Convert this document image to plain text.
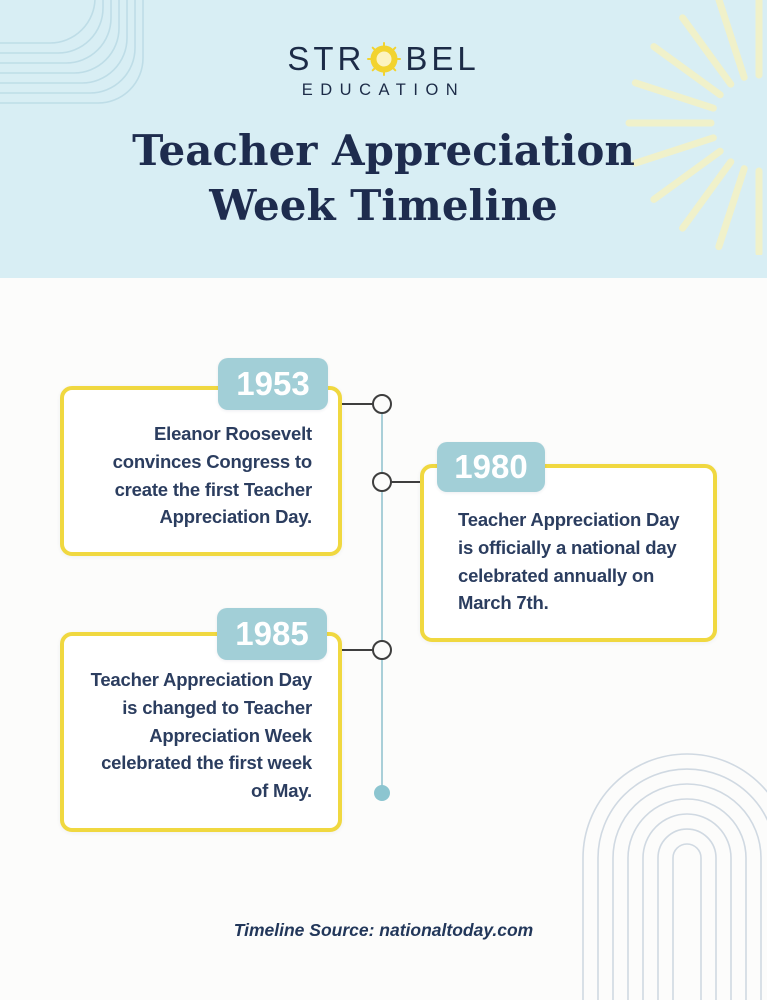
STR BEL
EDUCATION
Teacher Appreciation
Week Timeline
1953
Eleanor Roosevelt convinces Congress to create the first Teacher Appreciation Day.
1980
Teacher Appreciation Day is officially a national day celebrated annually on March 7th.
1985
Teacher Appreciation Day is changed to Teacher Appreciation Week celebrated the first week of May.
Timeline Source: nationaltoday.com
